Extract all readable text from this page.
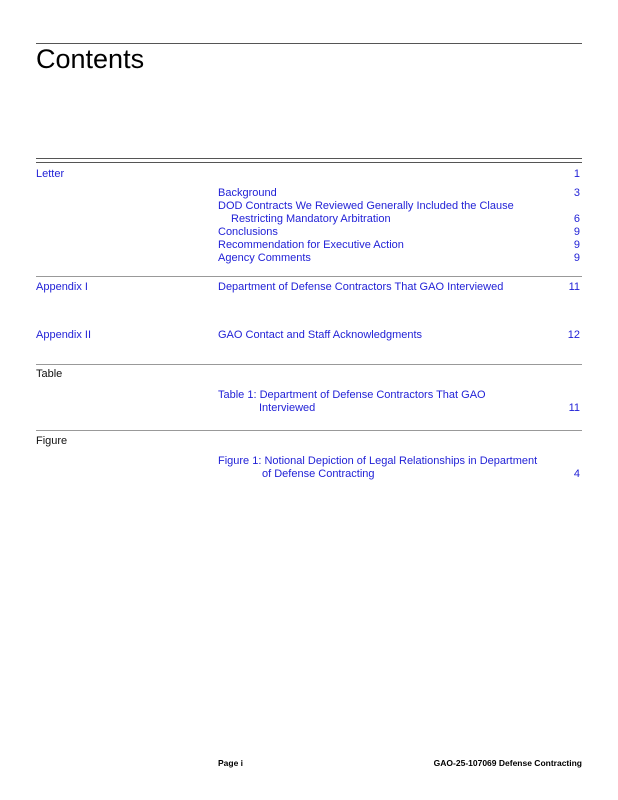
Contents
Letter	1
Background	3
DOD Contracts We Reviewed Generally Included the Clause
Restricting Mandatory Arbitration	6
Conclusions	9
Recommendation for Executive Action	9
Agency Comments	9
Appendix I	Department of Defense Contractors That GAO Interviewed	11
Appendix II	GAO Contact and Staff Acknowledgments	12
Table
Table 1: Department of Defense Contractors That GAO
Interviewed	11
Figure
Figure 1: Notional Depiction of Legal Relationships in Department
of Defense Contracting	4
Page i	GAO-25-107069 Defense Contracting
